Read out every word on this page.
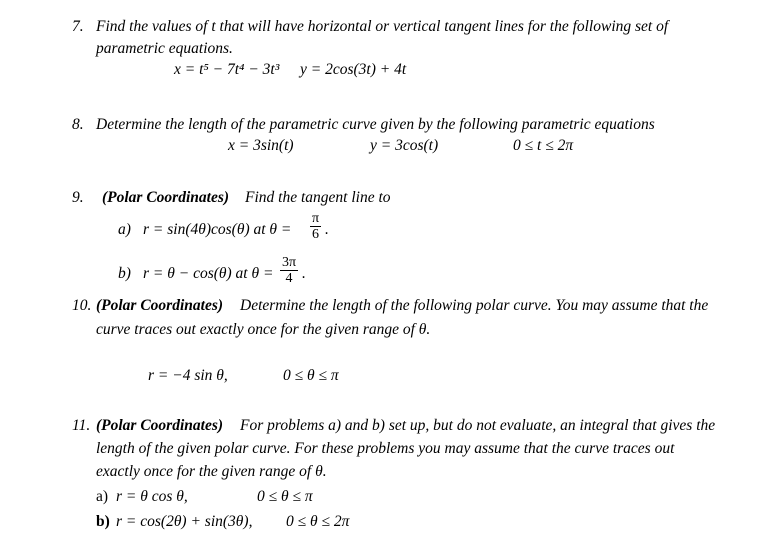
7. Find the values of t that will have horizontal or vertical tangent lines for the following set of
parametric equations.
x = t⁵ − 7t⁴ − 3t³ y = 2cos(3t) + 4t
8. Determine the length of the parametric curve given by the following parametric equations
x = 3sin(t)	y = 3cos(t)	0 ≤ t ≤ 2π
9. (Polar Coordinates) Find the tangent line to
a) r = sin(4θ)cos(θ) at $\theta = \frac{\pi}{6}$ .
b) r = θ − cos(θ) at $\theta = \frac{3\pi}{4}$ .
10. (Polar Coordinates) Determine the length of the following polar curve. You may assume that the
curve traces out exactly once for the given range of θ.
r = −4 sin θ,	0 ≤ θ ≤ π
11. (Polar Coordinates) For problems a) and b) set up, but do not evaluate, an integral that gives the
length of the given polar curve. For these problems you may assume that the curve traces out
exactly once for the given range of θ.
a) r = θ cos θ,	0 ≤ θ ≤ π
b) r = cos(2θ) + sin(3θ), 0 ≤ θ ≤ 2π
